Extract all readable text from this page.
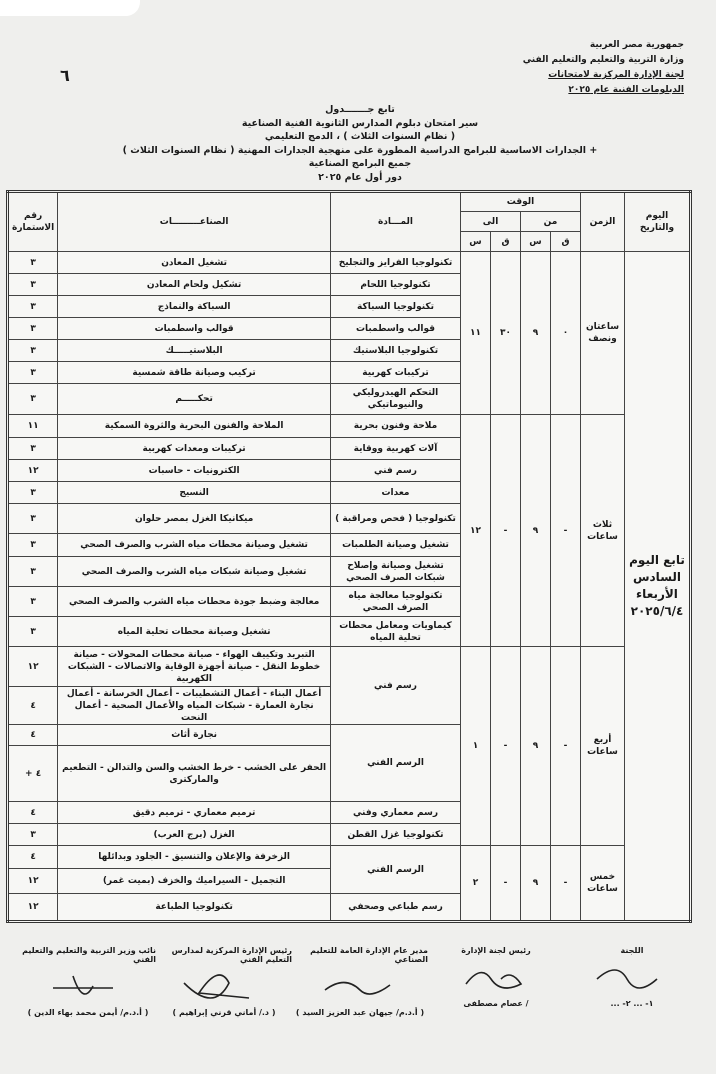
جمهورية مصر العربية
وزارة التربية والتعليم والتعليم الفني
لجنة الإدارة المركزية لامتحانات
الدبلومات الفنية عام ٢٠٢٥
٦
تابع جـــــــدول
سير امتحان دبلوم المدارس الثانوية الفنية الصناعية
( نظام السنوات الثلاث ) ، الدمج التعليمي
+ الجدارات الاساسية للبرامج الدراسية المطورة على منهجية الجدارات المهنية ( نظام السنوات الثلاث )
جميع البرامج الصناعية
دور أول عام ٢٠٢٥
اليوم والتاريخ	الزمن	الوقت				المـــادة	الصناعـــــــــات	رقم الاستمارة
		من		الى				
		ق	س	ق	س			
تابع اليوم السادس الأربعاء ٢٠٢٥/٦/٤	ساعتان ونصف	٠	٩	٣٠	١١	تكنولوجيا الفرايز والتجليخ	تشغيل المعادن	٣
						تكنولوجيا اللحام	تشكيل ولحام المعادن	٣
						تكنولوجيا السباكة	السباكة والنماذج	٣
						قوالب واسطمبات	قوالب واسطمبات	٣
						تكنولوجيا البلاستيك	البلاستيـــــك	٣
						تركيبات كهربية	تركيب وصيانة طاقة شمسية	٣
						التحكم الهيدروليكي والنيوماتيكي	تحكـــــم	٣
	ثلاث ساعات	-	٩	-	١٢	ملاحة وفنون بحرية	الملاحة والفنون البحرية والثروة السمكية	١١
						آلات كهربية ووقاية	تركيبات ومعدات كهربية	٣
						رسم فني	الكترونيات - حاسبات	١٢
						معدات	النسيج	٣
						تكنولوجيا ( فحص ومراقبة )	ميكانيكا الغزل بمصر حلوان	٣
						تشغيل وصيانة الطلمبات	تشغيل وصيانة محطات مياه الشرب والصرف الصحي	٣
						تشغيل وصيانة وإصلاح شبكات الصرف الصحي	تشغيل وصيانة شبكات مياه الشرب والصرف الصحي	٣
						تكنولوجيا معالجة مياه الصرف الصحي	معالجة وضبط جودة محطات مياه الشرب والصرف الصحي	٣
						كيماويات ومعامل محطات تحلية المياه	تشغيل وصيانة محطات تحلية المياه	٣
	أربع ساعات	-	٩	-	١	رسم فني	التبريد وتكييف الهواء - صيانة محطات المحولات - صيانة خطوط النقل - صيانة أجهزة الوقاية والاتصالات - الشبكات الكهربية	١٢
							أعمال البناء - أعمال التشطيبات - أعمال الخرسانة - أعمال نجارة العمارة - شبكات المياه والأعمال الصحية - أعمال النحت	٤
						الرسم الفني	نجارة أثاث	٤
							الحفر على الخشب - خرط الخشب والسن والتدالن - التطعيم والماركترى	٤ +
						رسم معماري وفني	ترميم معماري - ترميم دقيق	٤
						تكنولوجيا غزل القطن	الغزل (برج العرب)	٣
	خمس ساعات	-	٩	-	٢	الرسم الفني	الزخرفة والإعلان والتنسيق - الجلود وبدائلها	٤
							التجميل - السيراميك والخزف (بميت غمر)	١٢
						رسم طباعي وصحفي	تكنولوجيا الطباعة	١٢
اللجنة
١- ... ٢- ...
رئيس لجنة الإدارة
/ عصام مصطفى
مدير عام الإدارة العامة للتعليم الصناعي
( أ.د.م/ جيهان عبد العزيز السيد )
رئيس الإدارة المركزية لمدارس التعليم الفني
( د./ أماني قرني إبراهيم )
نائب وزير التربية والتعليم والتعليم الفني
( أ.د.م/ أيمن محمد بهاء الدين )
